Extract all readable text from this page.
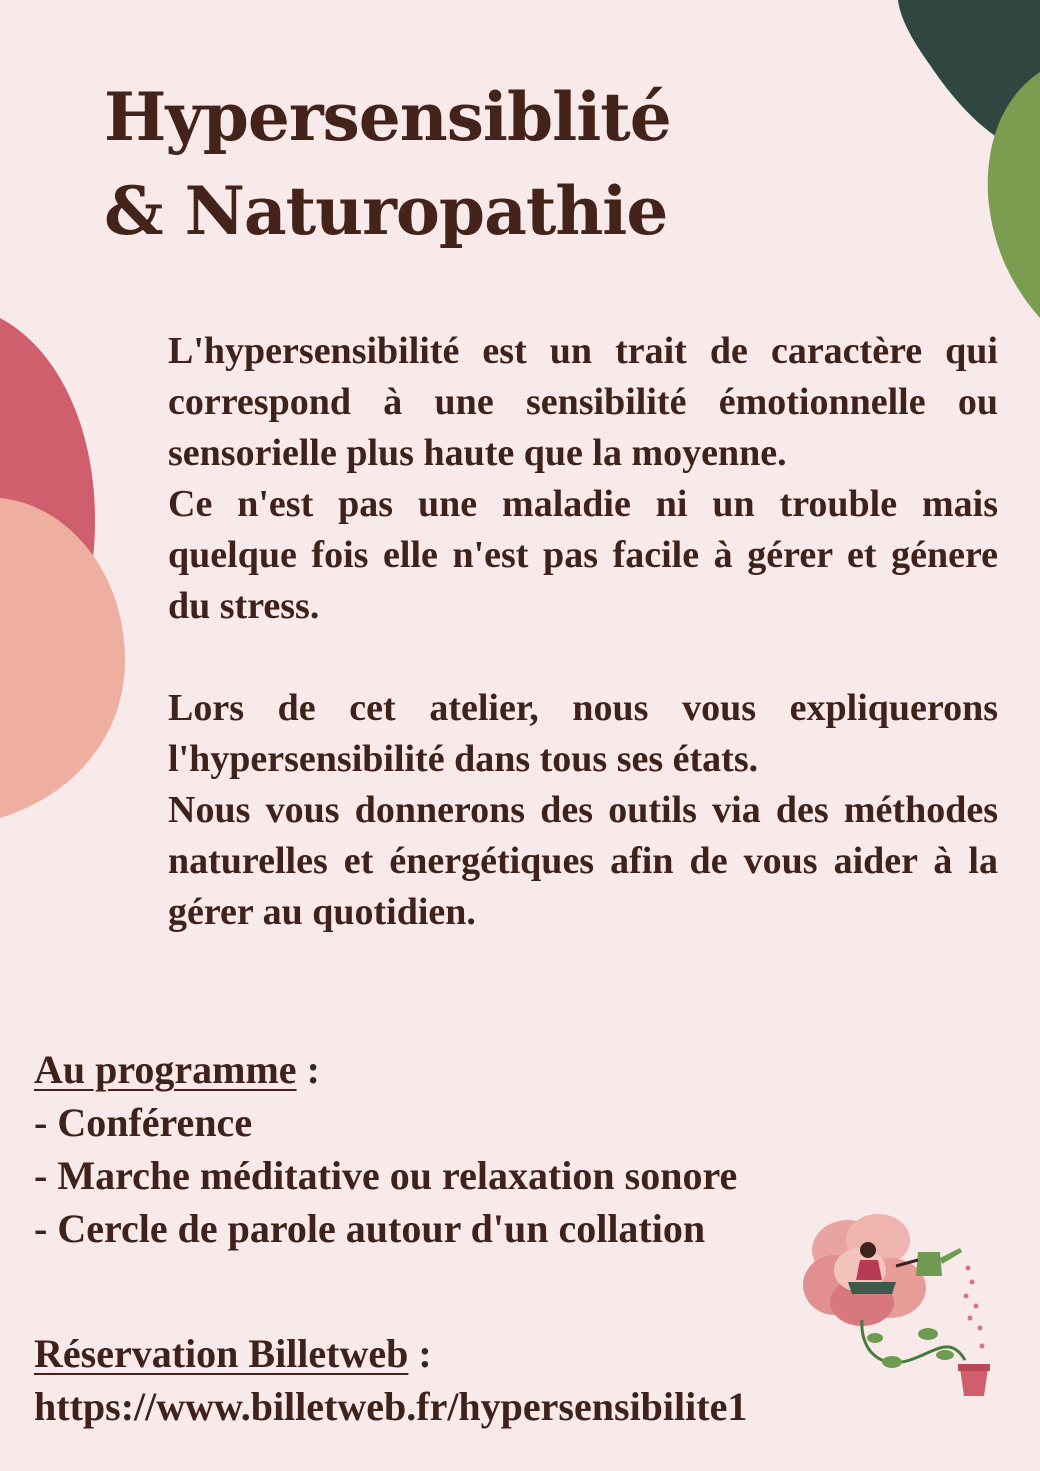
Hypersensiblité
& Naturopathie

L'hypersensibilité est un trait de caractère qui correspond à une sensibilité émotionnelle ou sensorielle plus haute que la moyenne.

Ce n'est pas une maladie ni un trouble mais quelque fois elle n'est pas facile à gérer et génere du stress.

Lors de cet atelier, nous vous expliquerons l'hypersensibilité dans tous ses états.

Nous vous donnerons des outils via des méthodes naturelles et énergétiques afin de vous aider à la gérer au quotidien.

Au programme :
- Conférence
- Marche méditative ou relaxation sonore
- Cercle de parole autour d'un collation
Réservation Billetweb :
https://www.billetweb.fr/hypersensibilite1
